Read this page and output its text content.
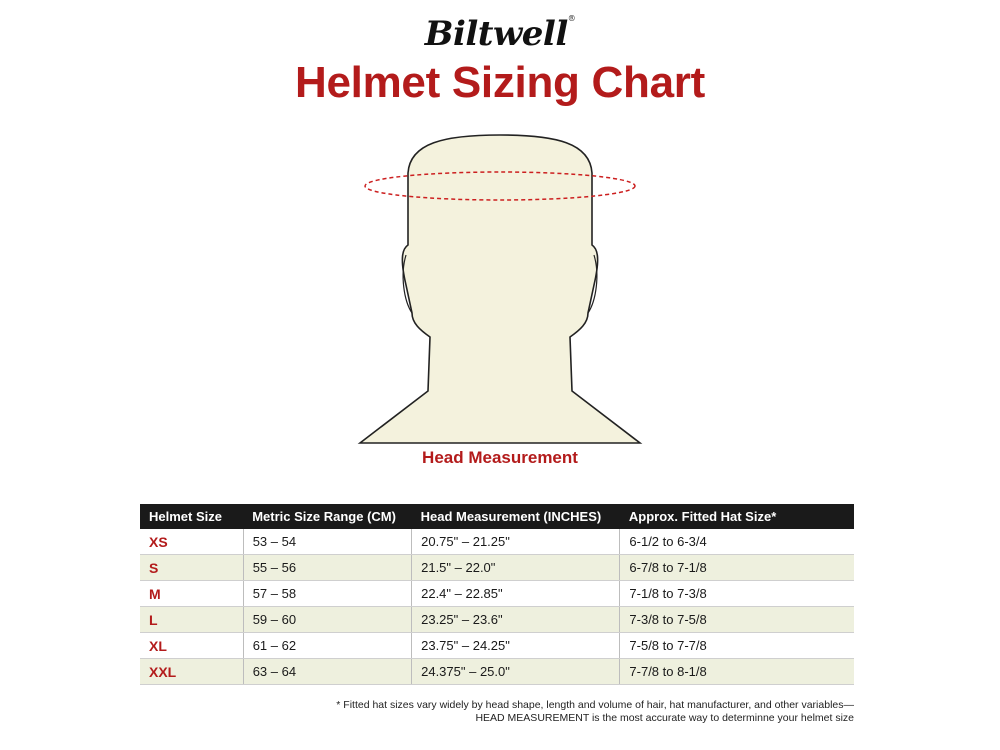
Biltwell®
Helmet Sizing Chart
Head Measurement
Helmet Size	Metric Size Range (CM)	Head Measurement (INCHES)	Approx. Fitted Hat Size*
XS	53 – 54	20.75" – 21.25"	6-1/2 to 6-3/4
S	55 – 56	21.5" – 22.0"	6-7/8 to 7-1/8
M	57 – 58	22.4" – 22.85"	7-1/8 to 7-3/8
L	59 – 60	23.25" – 23.6"	7-3/8 to 7-5/8
XL	61 – 62	23.75" – 24.25"	7-5/8 to 7-7/8
XXL	63 – 64	24.375" – 25.0"	7-7/8 to 8-1/8
* Fitted hat sizes vary widely by head shape, length and volume of hair, hat manufacturer, and other variables—
HEAD MEASUREMENT is the most accurate way to determinne your helmet size
